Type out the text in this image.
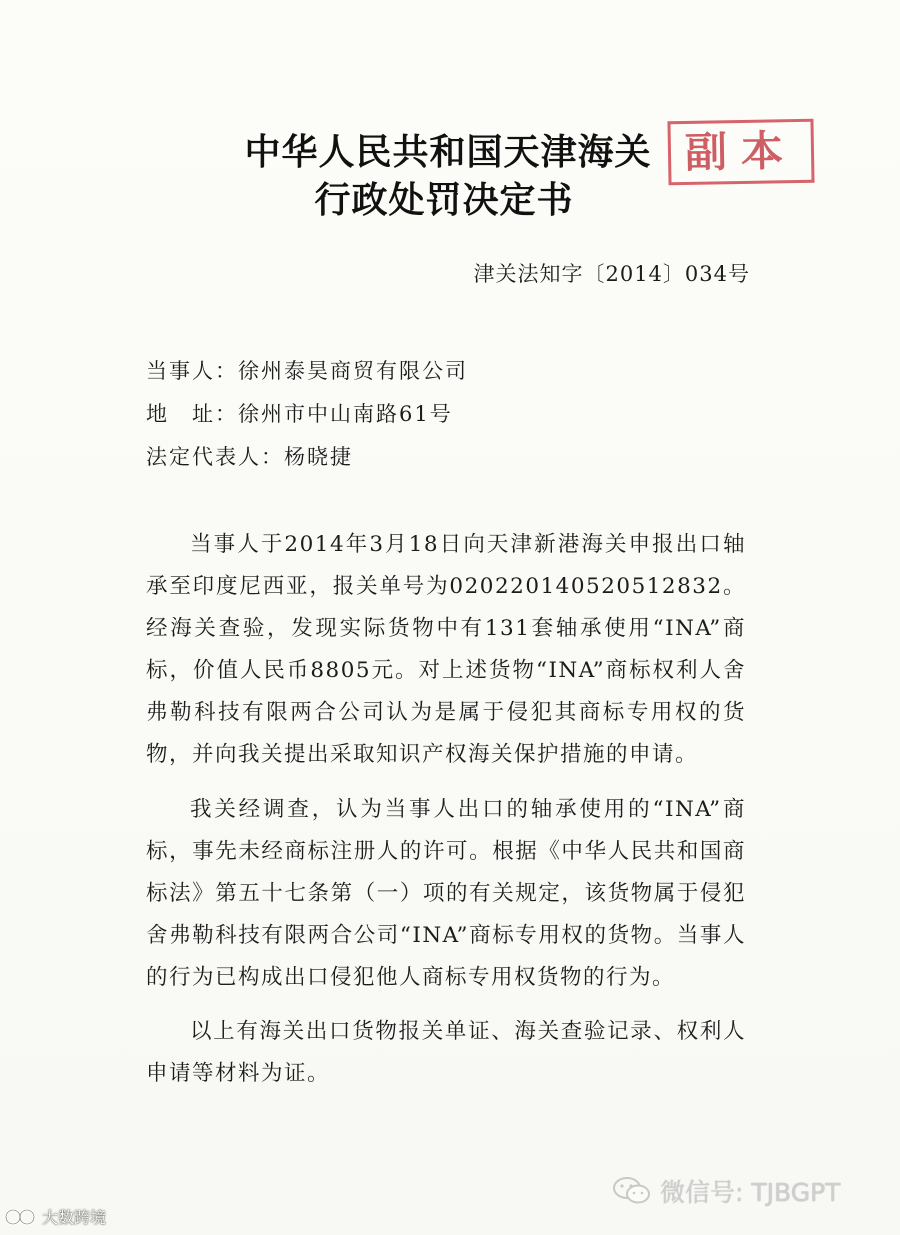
中华人民共和国天津海关
行政处罚决定书
副本
津关法知字〔2014〕034号
当事人：徐州泰昊商贸有限公司
地　址：徐州市中山南路61号
法定代表人：杨晓捷
当事人于2014年3月18日向天津新港海关申报出口轴承至印度尼西亚，报关单号为020220140520512832。经海关查验，发现实际货物中有131套轴承使用“INA”商标，价值人民币8805元。对上述货物“INA”商标权利人舍弗勒科技有限两合公司认为是属于侵犯其商标专用权的货物，并向我关提出采取知识产权海关保护措施的申请。
我关经调查，认为当事人出口的轴承使用的“INA”商标，事先未经商标注册人的许可。根据《中华人民共和国商标法》第五十七条第（一）项的有关规定，该货物属于侵犯舍弗勒科技有限两合公司“INA”商标专用权的货物。当事人的行为已构成出口侵犯他人商标专用权货物的行为。
以上有海关出口货物报关单证、海关查验记录、权利人申请等材料为证。
微信号: TJBGPT
大数跨境
